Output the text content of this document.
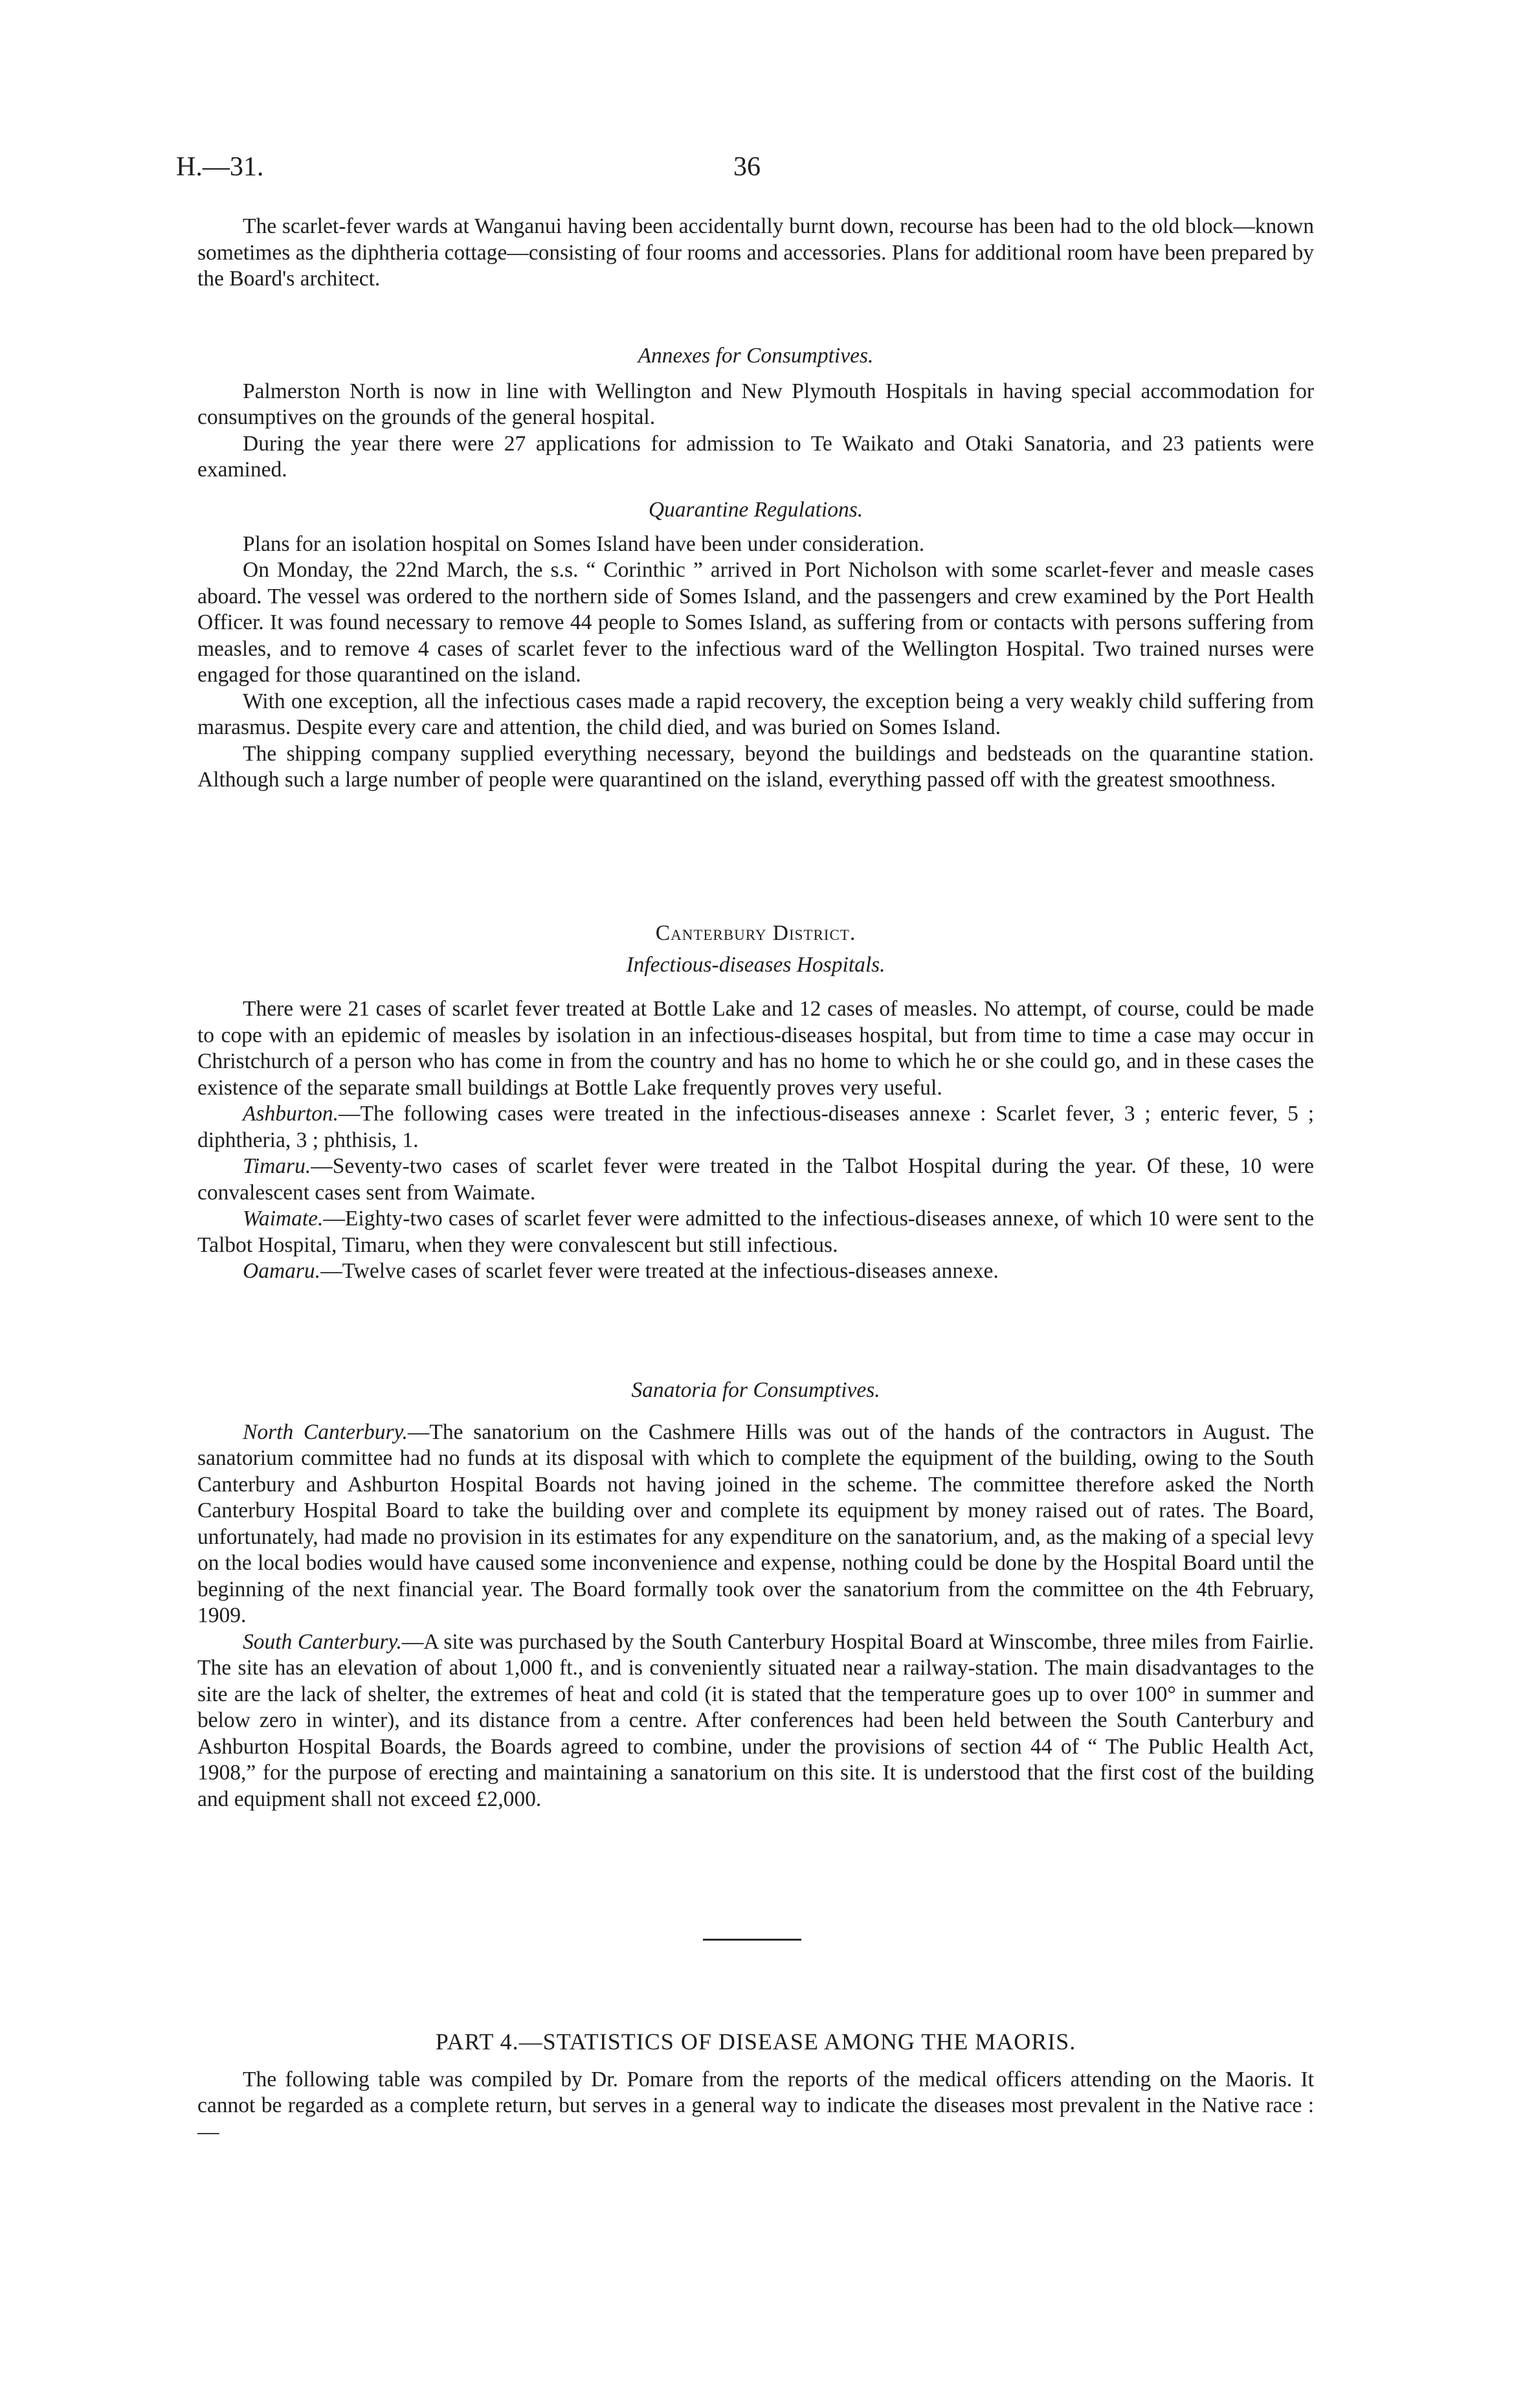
H.—31.	36

The scarlet-fever wards at Wanganui having been accidentally burnt down, recourse has been had to the old block—known sometimes as the diphtheria cottage—consisting of four rooms and accessories. Plans for additional room have been prepared by the Board's architect.

Annexes for Consumptives.

Palmerston North is now in line with Wellington and New Plymouth Hospitals in having special accommodation for consumptives on the grounds of the general hospital.

During the year there were 27 applications for admission to Te Waikato and Otaki Sanatoria, and 23 patients were examined.

Quarantine Regulations.

Plans for an isolation hospital on Somes Island have been under consideration.

On Monday, the 22nd March, the s.s. “ Corinthic ” arrived in Port Nicholson with some scarlet-fever and measle cases aboard. The vessel was ordered to the northern side of Somes Island, and the passengers and crew examined by the Port Health Officer. It was found necessary to remove 44 people to Somes Island, as suffering from or contacts with persons suffering from measles, and to remove 4 cases of scarlet fever to the infectious ward of the Wellington Hospital. Two trained nurses were engaged for those quarantined on the island.

With one exception, all the infectious cases made a rapid recovery, the exception being a very weakly child suffering from marasmus. Despite every care and attention, the child died, and was buried on Somes Island.

The shipping company supplied everything necessary, beyond the buildings and bedsteads on the quarantine station. Although such a large number of people were quarantined on the island, everything passed off with the greatest smoothness.

Canterbury District.
Infectious-diseases Hospitals.

There were 21 cases of scarlet fever treated at Bottle Lake and 12 cases of measles. No attempt, of course, could be made to cope with an epidemic of measles by isolation in an infectious-diseases hospital, but from time to time a case may occur in Christchurch of a person who has come in from the country and has no home to which he or she could go, and in these cases the existence of the separate small buildings at Bottle Lake frequently proves very useful.

Ashburton.—The following cases were treated in the infectious-diseases annexe : Scarlet fever, 3 ; enteric fever, 5 ; diphtheria, 3 ; phthisis, 1.

Timaru.—Seventy-two cases of scarlet fever were treated in the Talbot Hospital during the year. Of these, 10 were convalescent cases sent from Waimate.

Waimate.—Eighty-two cases of scarlet fever were admitted to the infectious-diseases annexe, of which 10 were sent to the Talbot Hospital, Timaru, when they were convalescent but still infectious.

Oamaru.—Twelve cases of scarlet fever were treated at the infectious-diseases annexe.

Sanatoria for Consumptives.

North Canterbury.—The sanatorium on the Cashmere Hills was out of the hands of the contractors in August. The sanatorium committee had no funds at its disposal with which to complete the equipment of the building, owing to the South Canterbury and Ashburton Hospital Boards not having joined in the scheme. The committee therefore asked the North Canterbury Hospital Board to take the building over and complete its equipment by money raised out of rates. The Board, unfortunately, had made no provision in its estimates for any expenditure on the sanatorium, and, as the making of a special levy on the local bodies would have caused some inconvenience and expense, nothing could be done by the Hospital Board until the beginning of the next financial year. The Board formally took over the sanatorium from the committee on the 4th February, 1909.

South Canterbury.—A site was purchased by the South Canterbury Hospital Board at Winscombe, three miles from Fairlie. The site has an elevation of about 1,000 ft., and is conveniently situated near a railway-station. The main disadvantages to the site are the lack of shelter, the extremes of heat and cold (it is stated that the temperature goes up to over 100° in summer and below zero in winter), and its distance from a centre. After conferences had been held between the South Canterbury and Ashburton Hospital Boards, the Boards agreed to combine, under the provisions of section 44 of “ The Public Health Act, 1908,” for the purpose of erecting and maintaining a sanatorium on this site. It is understood that the first cost of the building and equipment shall not exceed £2,000.

PART 4.—STATISTICS OF DISEASE AMONG THE MAORIS.

The following table was compiled by Dr. Pomare from the reports of the medical officers attending on the Maoris. It cannot be regarded as a complete return, but serves in a general way to indicate the diseases most prevalent in the Native race :—
